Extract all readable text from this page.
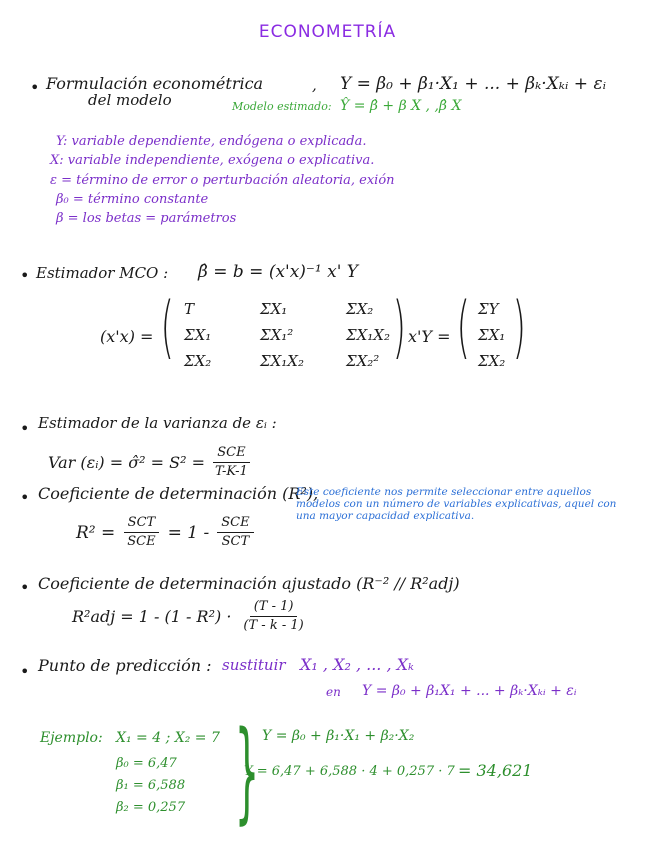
ECONOMETRÍA
• Formulación econométrica
del modelo
, Y = β₀ + β₁·X₁ + ... + βₖ·Xₖᵢ + εᵢ
Modelo estimado: Ŷ = β̂ + β X , ,β̂ X
Y: variable dependiente, endógena o explicada.
X: variable independiente, exógena o explicativa.
ε = término de error o perturbación aleatoria, exión
β₀ = término constante
β = los betas = parámetros
• Estimador MCO : β̂ = b = (x'x)⁻¹ x' Y
(x'x) = ( T	ΣX₁	ΣX₂
ΣX₁	ΣX₁²	ΣX₁X₂
ΣX₂	ΣX₁X₂	ΣX₂² ) x'Y = ( ΣY
ΣX₁
ΣX₂ )
• Estimador de la varianza de εᵢ :
Var (εᵢ) = σ̂² = $S^2 = \frac{\text{SCE}}{T-K-1}$
• Coeficiente de determinación (R²),
Este coeficiente nos permite seleccionar entre aquellos modelos con un número de variables explicativas, aquel con una mayor capacidad explicativa.
$R^2 = \frac{\text{SCT}}{\text{SCE}} = 1 - \frac{\text{SCE}}{\text{SCT}}$
• Coeficiente de determinación ajustado (R⁻² // R²adj)
$R^2adj = 1 - (1 - R^2) \cdot \frac{(T - 1)}{(T - k - 1)}$
• Punto de predicción : sustituir X₁ , X₂ , ... , Xₖ
en Y = β₀ + β₁X₁ + ... + βₖ·Xₖᵢ + εᵢ
Ejemplo: X₁ = 4 ; X₂ = 7
β₀ = 6,47
β₁ = 6,588
β₂ = 0,257 } Y = β₀ + β₁·X₁ + β₂·X₂
Y = 6,47 + 6,588 · 4 + 0,257 · 7 = 34,621
